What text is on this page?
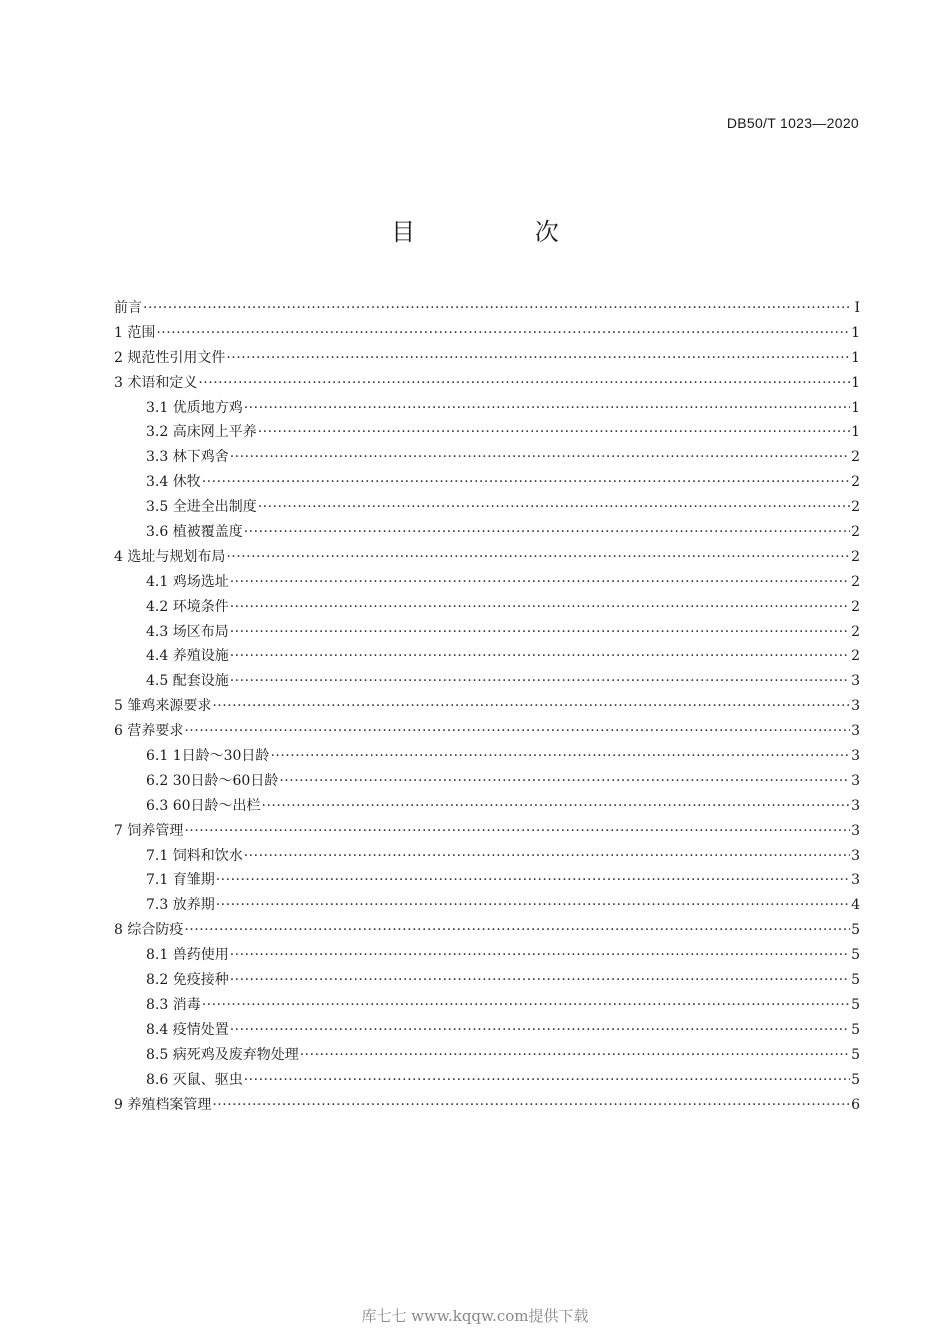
DB50/T 1023—2020
目 次
前言 ·····	I
1 范围 ·····	1
2 规范性引用文件 ·····	1
3 术语和定义 ·····	1
3.1 优质地方鸡 ·····	1
3.2 高床网上平养 ·····	1
3.3 林下鸡舍 ·····	2
3.4 休牧 ·····	2
3.5 全进全出制度 ·····	2
3.6 植被覆盖度 ·····	2
4 选址与规划布局 ·····	2
4.1 鸡场选址 ·····	2
4.2 环境条件 ·····	2
4.3 场区布局 ·····	2
4.4 养殖设施 ·····	2
4.5 配套设施 ·····	3
5 雏鸡来源要求 ·····	3
6 营养要求 ·····	3
6.1 1日龄～30日龄 ·····	3
6.2 30日龄～60日龄 ·····	3
6.3 60日龄～出栏 ·····	3
7 饲养管理 ·····	3
7.1 饲料和饮水 ·····	3
7.1 育雏期 ·····	3
7.3 放养期 ·····	4
8 综合防疫 ·····	5
8.1 兽药使用 ·····	5
8.2 免疫接种 ·····	5
8.3 消毒 ·····	5
8.4 疫情处置 ·····	5
8.5 病死鸡及废弃物处理 ·····	5
8.6 灭鼠、驱虫 ·····	5
9 养殖档案管理 ·····	6
库七七 www.kqqw.com提供下载
